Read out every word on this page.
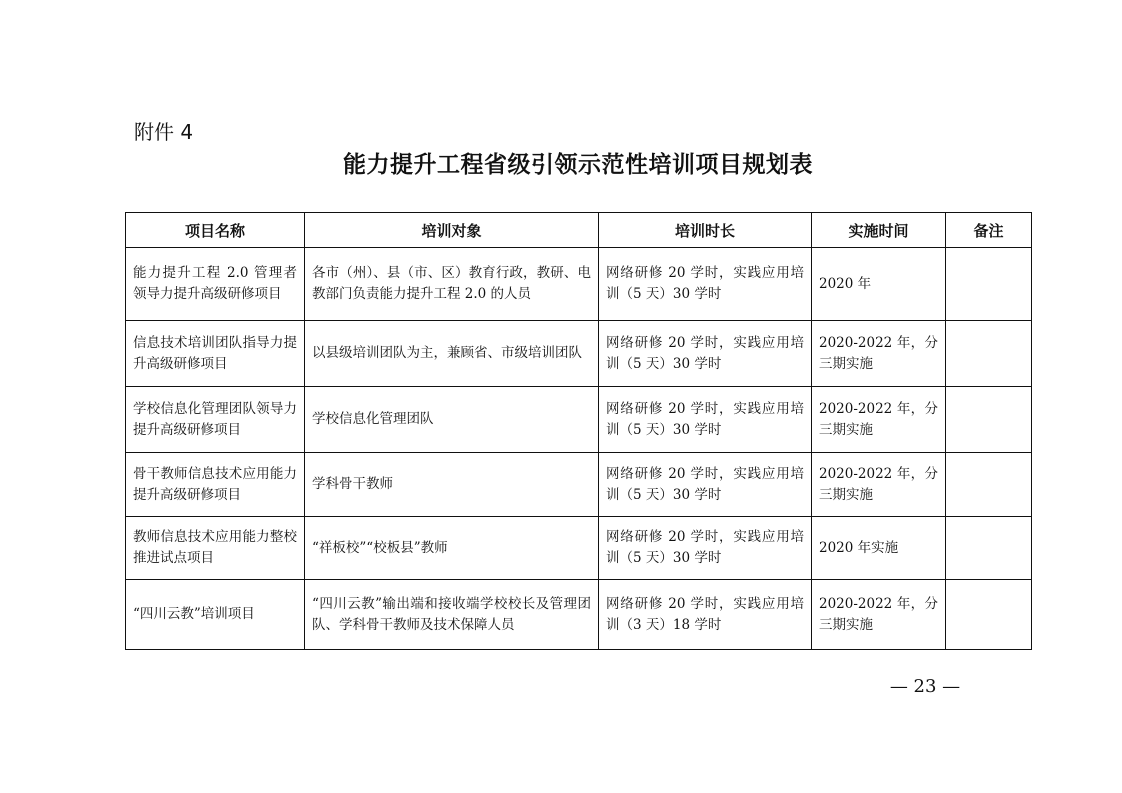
附件 4
能力提升工程省级引领示范性培训项目规划表
项目名称	培训对象	培训时长	实施时间	备注
能力提升工程 2.0 管理者领导力提升高级研修项目	各市（州）、县（市、区）教育行政，教研、电教部门负责能力提升工程 2.0 的人员	网络研修 20 学时，实践应用培训（5 天）30 学时	2020 年	
信息技术培训团队指导力提升高级研修项目	以县级培训团队为主，兼顾省、市级培训团队	网络研修 20 学时，实践应用培训（5 天）30 学时	2020-2022 年，分三期实施	
学校信息化管理团队领导力提升高级研修项目	学校信息化管理团队	网络研修 20 学时，实践应用培训（5 天）30 学时	2020-2022 年，分三期实施	
骨干教师信息技术应用能力提升高级研修项目	学科骨干教师	网络研修 20 学时，实践应用培训（5 天）30 学时	2020-2022 年，分三期实施	
教师信息技术应用能力整校推进试点项目	“祥板校”“校板县”教师	网络研修 20 学时，实践应用培训（5 天）30 学时	2020 年实施	
“四川云教”培训项目	“四川云教”输出端和接收端学校校长及管理团队、学科骨干教师及技术保障人员	网络研修 20 学时，实践应用培训（3 天）18 学时	2020-2022 年，分三期实施	
— 23 —
